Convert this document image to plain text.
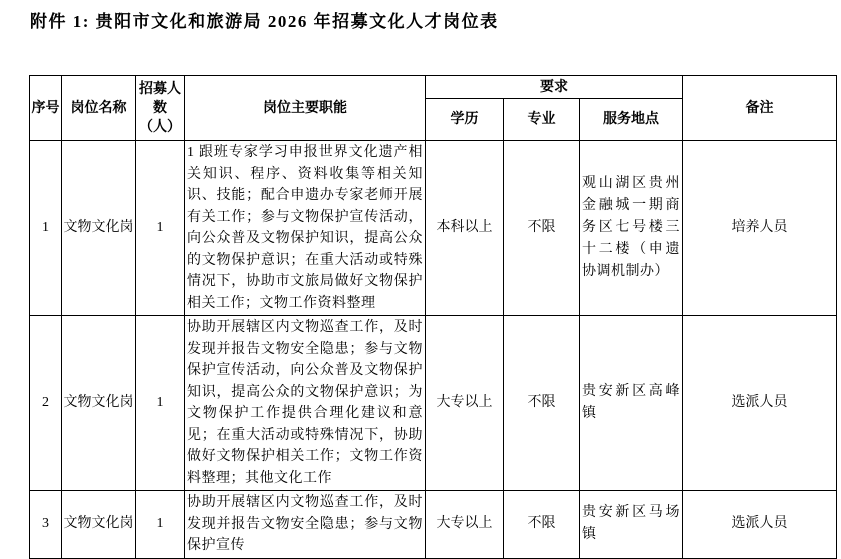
附件 1: 贵阳市文化和旅游局 2026 年招募文化人才岗位表
序号	岗位名称	招募人数（人）	岗位主要职能	要求			备注
				学历	专业	服务地点	
1	文物文化岗	1	1 跟班专家学习申报世界文化遗产相关知识、程序、资料收集等相关知识、技能；配合申遗办专家老师开展有关工作；参与文物保护宣传活动，向公众普及文物保护知识，提高公众的文物保护意识；在重大活动或特殊情况下，协助市文旅局做好文物保护相关工作；文物工作资料整理	本科以上	不限	观山湖区贵州金融城一期商务区七号楼三十二楼（申遗协调机制办）	培养人员
2	文物文化岗	1	协助开展辖区内文物巡查工作，及时发现并报告文物安全隐患；参与文物保护宣传活动，向公众普及文物保护知识，提高公众的文物保护意识；为文物保护工作提供合理化建议和意见；在重大活动或特殊情况下，协助做好文物保护相关工作；文物工作资料整理；其他文化工作	大专以上	不限	贵安新区高峰镇	选派人员
3	文物文化岗	1	协助开展辖区内文物巡查工作，及时发现并报告文物安全隐患；参与文物保护宣传	大专以上	不限	贵安新区马场镇	选派人员
